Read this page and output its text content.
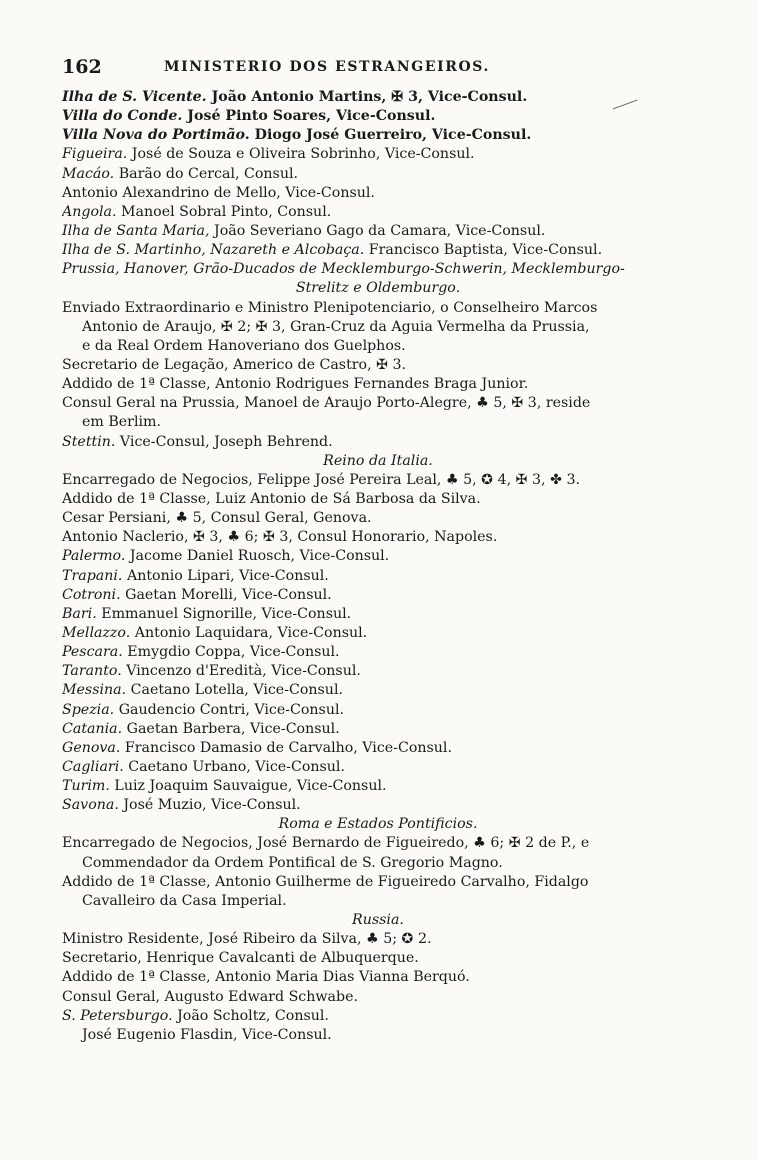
162	MINISTERIO DOS ESTRANGEIROS.
Ilha de S. Vicente. João Antonio Martins, ✠ 3, Vice-Consul.
Villa do Conde. José Pinto Soares, Vice-Consul.
Villa Nova do Portimão. Diogo José Guerreiro, Vice-Consul.
Figueira. José de Souza e Oliveira Sobrinho, Vice-Consul.
Macáo. Barão do Cercal, Consul.
Antonio Alexandrino de Mello, Vice-Consul.
Angola. Manoel Sobral Pinto, Consul.
Ilha de Santa Maria, João Severiano Gago da Camara, Vice-Consul.
Ilha de S. Martinho, Nazareth e Alcobaça. Francisco Baptista, Vice-Consul.
Prussia, Hanover, Grão-Ducados de Mecklemburgo-Schwerin, Mecklemburgo-
Strelitz e Oldemburgo.
Enviado Extraordinario e Ministro Plenipotenciario, o Conselheiro Marcos
Antonio de Araujo, ✠ 2; ✠ 3, Gran-Cruz da Aguia Vermelha da Prussia,
e da Real Ordem Hanoveriano dos Guelphos.
Secretario de Legação, Americo de Castro, ✠ 3.
Addido de 1ª Classe, Antonio Rodrigues Fernandes Braga Junior.
Consul Geral na Prussia, Manoel de Araujo Porto-Alegre, ♣ 5, ✠ 3, reside
em Berlim.
Stettin. Vice-Consul, Joseph Behrend.
Reino da Italia.
Encarregado de Negocios, Felippe José Pereira Leal, ♣ 5, ✪ 4, ✠ 3, ✤ 3.
Addido de 1ª Classe, Luiz Antonio de Sá Barbosa da Silva.
Cesar Persiani, ♣ 5, Consul Geral, Genova.
Antonio Naclerio, ✠ 3, ♣ 6; ✠ 3, Consul Honorario, Napoles.
Palermo. Jacome Daniel Ruosch, Vice-Consul.
Trapani. Antonio Lipari, Vice-Consul.
Cotroni. Gaetan Morelli, Vice-Consul.
Bari. Emmanuel Signorille, Vice-Consul.
Mellazzo. Antonio Laquidara, Vice-Consul.
Pescara. Emygdio Coppa, Vice-Consul.
Taranto. Vincenzo d'Eredità, Vice-Consul.
Messina. Caetano Lotella, Vice-Consul.
Spezia. Gaudencio Contri, Vice-Consul.
Catania. Gaetan Barbera, Vice-Consul.
Genova. Francisco Damasio de Carvalho, Vice-Consul.
Cagliari. Caetano Urbano, Vice-Consul.
Turim. Luiz Joaquim Sauvaigue, Vice-Consul.
Savona. José Muzio, Vice-Consul.
Roma e Estados Pontificios.
Encarregado de Negocios, José Bernardo de Figueiredo, ♣ 6; ✠ 2 de P., e
Commendador da Ordem Pontifical de S. Gregorio Magno.
Addido de 1ª Classe, Antonio Guilherme de Figueiredo Carvalho, Fidalgo
Cavalleiro da Casa Imperial.
Russia.
Ministro Residente, José Ribeiro da Silva, ♣ 5; ✪ 2.
Secretario, Henrique Cavalcanti de Albuquerque.
Addido de 1ª Classe, Antonio Maria Dias Vianna Berquó.
Consul Geral, Augusto Edward Schwabe.
S. Petersburgo. João Scholtz, Consul.
José Eugenio Flasdin, Vice-Consul.
